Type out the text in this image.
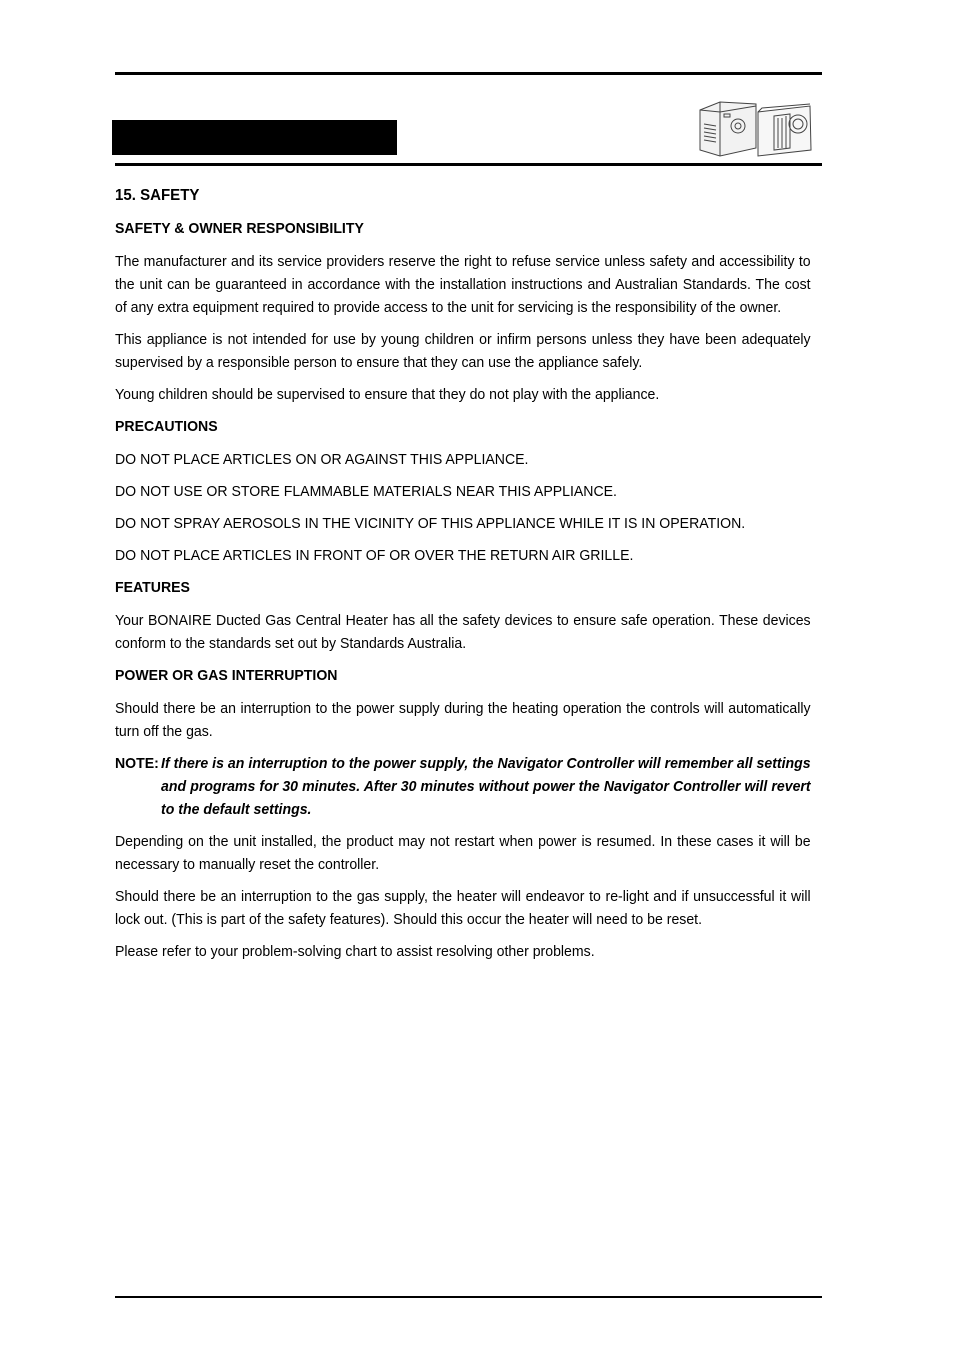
15. SAFETY
SAFETY & OWNER RESPONSIBILITY

The manufacturer and its service providers reserve the right to refuse service unless safety and accessibility to the unit can be guaranteed in accordance with the installation instructions and Australian Standards. The cost of any extra equipment required to provide access to the unit for servicing is the responsibility of the owner.

This appliance is not intended for use by young children or infirm persons unless they have been adequately supervised by a responsible person to ensure that they can use the appliance safely.

Young children should be supervised to ensure that they do not play with the appliance.

PRECAUTIONS

DO NOT PLACE ARTICLES ON OR AGAINST THIS APPLIANCE.

DO NOT USE OR STORE FLAMMABLE MATERIALS NEAR THIS APPLIANCE.

DO NOT SPRAY AEROSOLS IN THE VICINITY OF THIS APPLIANCE WHILE IT IS IN OPERATION.

DO NOT PLACE ARTICLES IN FRONT OF OR OVER THE RETURN AIR GRILLE.

FEATURES

Your BONAIRE Ducted Gas Central Heater has all the safety devices to ensure safe operation. These devices conform to the standards set out by Standards Australia.

POWER OR GAS INTERRUPTION

Should there be an interruption to the power supply during the heating operation the controls will automatically turn off the gas.

NOTE: If there is an interruption to the power supply, the Navigator Controller will remember all settings and programs for 30 minutes. After 30 minutes without power the Navigator Controller will revert to the default settings.

Depending on the unit installed, the product may not restart when power is resumed. In these cases it will be necessary to manually reset the controller.

Should there be an interruption to the gas supply, the heater will endeavor to re-light and if unsuccessful it will lock out. (This is part of the safety features). Should this occur the heater will need to be reset.

Please refer to your problem-solving chart to assist resolving other problems.
